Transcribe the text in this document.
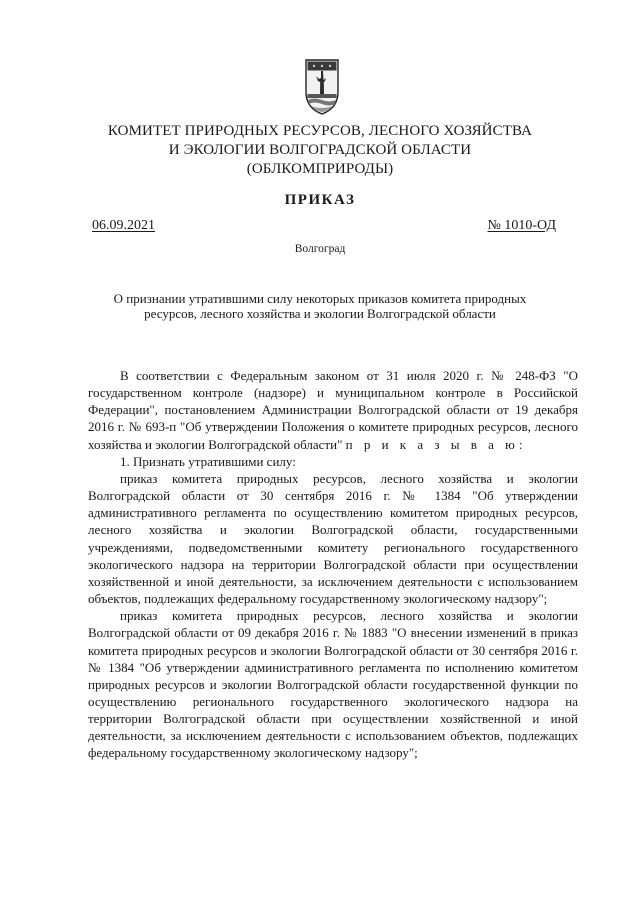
КОМИТЕТ ПРИРОДНЫХ РЕСУРСОВ, ЛЕСНОГО ХОЗЯЙСТВА
И ЭКОЛОГИИ ВОЛГОГРАДСКОЙ ОБЛАСТИ
(ОБЛКОМПРИРОДЫ)
ПРИКАЗ
06.09.2021	№ 1010-ОД
Волгоград
О признании утратившими силу некоторых приказов комитета природных
ресурсов, лесного хозяйства и экологии Волгоградской области

В соответствии с Федеральным законом от 31 июля 2020 г. № 248-ФЗ "О государственном контроле (надзоре) и муниципальном контроле в Российской Федерации", постановлением Администрации Волгоградской области от 19 декабря 2016 г. № 693-п "Об утверждении Положения о комитете природных ресурсов, лесного хозяйства и экологии Волгоградской области" п р и к а з ы в а ю:

1. Признать утратившими силу:

приказ комитета природных ресурсов, лесного хозяйства и экологии Волгоградской области от 30 сентября 2016 г. № 1384 "Об утверждении административного регламента по осуществлению комитетом природных ресурсов, лесного хозяйства и экологии Волгоградской области, государственными учреждениями, подведомственными комитету регионального государственного экологического надзора на территории Волгоградской области при осуществлении хозяйственной и иной деятельности, за исключением деятельности с использованием объектов, подлежащих федеральному государственному экологическому надзору";

приказ комитета природных ресурсов, лесного хозяйства и экологии Волгоградской области от 09 декабря 2016 г. № 1883 "О внесении изменений в приказ комитета природных ресурсов и экологии Волгоградской области от 30 сентября 2016 г. № 1384 "Об утверждении административного регламента по исполнению комитетом природных ресурсов и экологии Волгоградской области государственной функции по осуществлению регионального государственного экологического надзора на территории Волгоградской области при осуществлении хозяйственной и иной деятельности, за исключением деятельности с использованием объектов, подлежащих федеральному государственному экологическому надзору";
